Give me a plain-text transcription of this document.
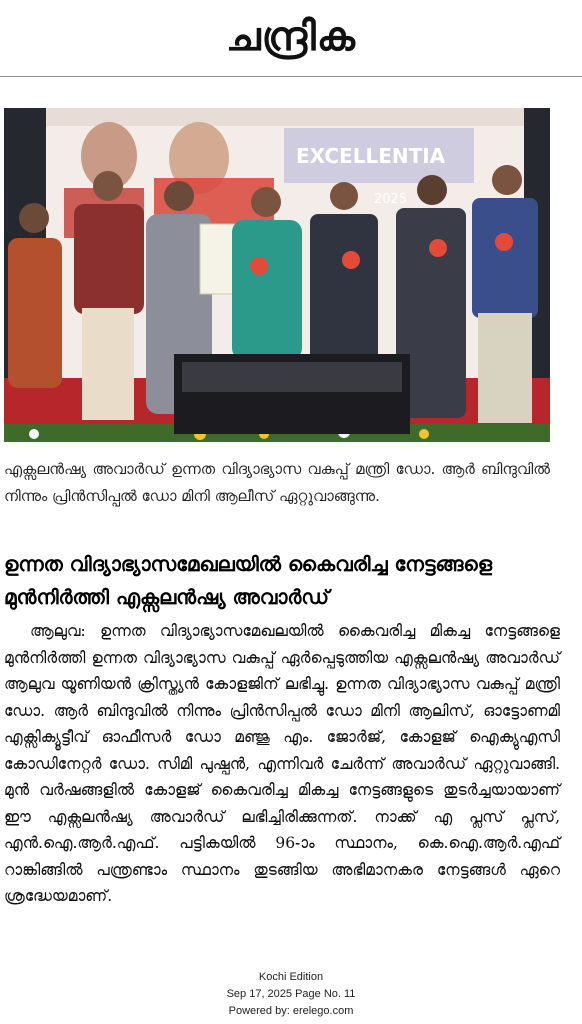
ചന്ദ്രിക
EXCELLENTIA
2025

എക്സലൻഷ്യ അവാർഡ് ഉന്നത വിദ്യാഭ്യാസ വകുപ്പ് മന്ത്രി ഡോ. ആർ ബിന്ദുവിൽ നിന്നും പ്രിൻസിപ്പൽ ഡോ മിനി ആലീസ് ഏറ്റുവാങ്ങുന്നു.

ഉന്നത വിദ്യാഭ്യാസമേഖലയിൽ കൈവരിച്ച നേട്ടങ്ങളെ മുൻനിർത്തി എക്സലൻഷ്യ അവാർഡ്

ആലുവ: ഉന്നത വിദ്യാഭ്യാസമേഖലയിൽ കൈവരിച്ച മികച്ച നേട്ടങ്ങളെ മുൻനിർത്തി ഉന്നത വിദ്യാഭ്യാസ വകുപ്പ് ഏർപ്പെടുത്തിയ എക്സലൻഷ്യ അവാർഡ് ആലുവ യൂണിയൻ ക്രിസ്ത്യൻ കോളജിന് ലഭിച്ചു. ഉന്നത വിദ്യാഭ്യാസ വകുപ്പ് മന്ത്രി ഡോ. ആർ ബിന്ദുവിൽ നിന്നും പ്രിൻസിപ്പൽ ഡോ മിനി ആലിസ്, ഓട്ടോണമി എക്സിക്യൂട്ടീവ് ഓഫീസർ ഡോ മഞ്ജു എം. ജോർജ്, കോളജ് ഐക്യുഎസി കോഡിനേറ്റർ ഡോ. സിമി പുഷ്പൻ, എന്നിവർ ചേർന്ന് അവാർഡ് ഏറ്റുവാങ്ങി. മുൻ വർഷങ്ങളിൽ കോളജ് കൈവരിച്ച മികച്ച നേട്ടങ്ങളുടെ തുടർച്ചയായാണ് ഈ എക്സലൻഷ്യ അവാർഡ് ലഭിച്ചിരിക്കുന്നത്. നാക്ക് എ പ്ലസ് പ്ലസ്, എൻ.ഐ.ആർ.എഫ്. പട്ടികയിൽ 96-ാം സ്ഥാനം, കെ.ഐ.ആർ.എഫ് റാങ്കിങ്ങിൽ പന്ത്രണ്ടാം സ്ഥാനം തുടങ്ങിയ അഭിമാനകര നേട്ടങ്ങൾ ഏറെ ശ്രദ്ധേയമാണ്.

Kochi Edition
Sep 17, 2025 Page No. 11
Powered by: erelego.com
